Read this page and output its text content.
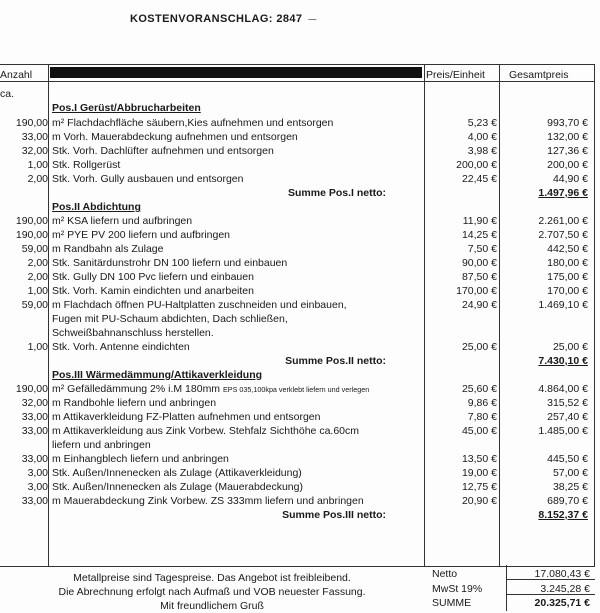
KOSTENVORANSCHLAG: 2847 —
Anzahl	Preis/Einheit Gesamtpreis
ca.
Pos.I Gerüst/Abbrucharbeiten
190,00 m² Flachdachfläche säubern,Kies aufnehmen und entsorgen	5,23 €	993,70 €
33,00 m Vorh. Mauerabdeckung aufnehmen und entsorgen	4,00 €	132,00 €
32,00 Stk. Vorh. Dachlüfter aufnehmen und entsorgen	3,98 €	127,36 €
1,00 Stk. Rollgerüst	200,00 €	200,00 €
2,00 Stk. Vorh. Gully ausbauen und entsorgen	22,45 €	44,90 €
Summe Pos.I netto:	1.497,96 €
Pos.II Abdichtung
190,00 m² KSA liefern und aufbringen	11,90 €	2.261,00 €
190,00 m² PYE PV 200 liefern und aufbringen	14,25 €	2.707,50 €
59,00 m Randbahn als Zulage	7,50 €	442,50 €
2,00 Stk. Sanitärdunstrohr DN 100 liefern und einbauen	90,00 €	180,00 €
2,00 Stk. Gully DN 100 Pvc liefern und einbauen	87,50 €	175,00 €
1,00 Stk. Vorh. Kamin eindichten und anarbeiten	170,00 €	170,00 €
59,00 m Flachdach öffnen PU-Haltplatten zuschneiden und einbauen,	24,90 €	1.469,10 €
Fugen mit PU-Schaum abdichten, Dach schließen,
Schweißbahnanschluss herstellen.
1,00 Stk. Vorh. Antenne eindichten	25,00 €	25,00 €
Summe Pos.II netto:	7.430,10 €
Pos.III Wärmedämmung/Attikaverkleidung
190,00 m² Gefälledämmung 2% i.M 180mm EPS 035,100kpa verklebt liefern und verlegen	25,60 €	4.864,00 €
32,00 m Randbohle liefern und anbringen	9,86 €	315,52 €
33,00 m Attikaverkleidung FZ-Platten aufnehmen und entsorgen	7,80 €	257,40 €
33,00 m Attikaverkleidung aus Zink Vorbew. Stehfalz Sichthöhe ca.60cm	45,00 €	1.485,00 €
liefern und anbringen
33,00 m Einhangblech liefern und anbringen	13,50 €	445,50 €
3,00 Stk. Außen/Innenecken als Zulage (Attikaverkleidung)	19,00 €	57,00 €
3,00 Stk. Außen/Innenecken als Zulage (Mauerabdeckung)	12,75 €	38,25 €
33,00 m Mauerabdeckung Zink Vorbew. ZS 333mm liefern und anbringen	20,90 €	689,70 €
Summe Pos.III netto:	8.152,37 €
Metallpreise sind Tagespreise. Das Angebot ist freibleibend.
Die Abrechnung erfolgt nach Aufmaß und VOB neuester Fassung.
Mit freundlichem Gruß
Netto	17.080,43 €
MwSt 19%	3.245,28 €
SUMME	20.325,71 €
